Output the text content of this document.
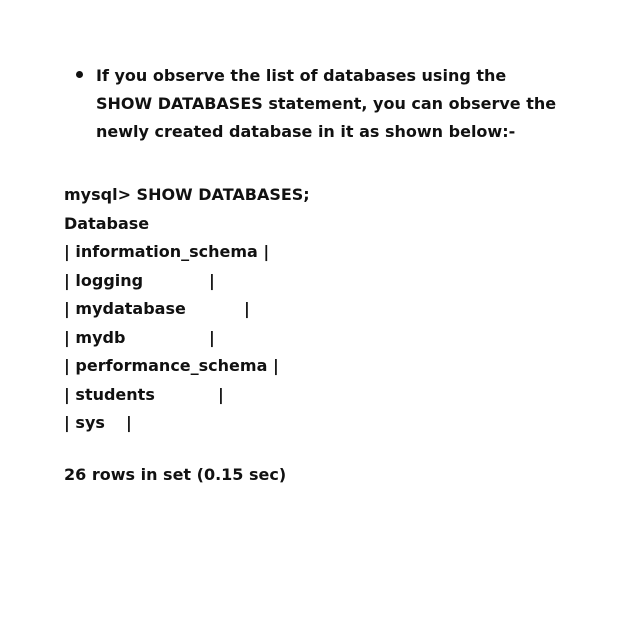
If you observe the list of databases using the
SHOW DATABASES statement, you can observe the
newly created database in it as shown below:-
mysql> SHOW DATABASES;
Database
| information_schema |
| logging	|
| mydatabase	|
| mydb	|
| performance_schema |
| students	|
| sys |
26 rows in set (0.15 sec)
